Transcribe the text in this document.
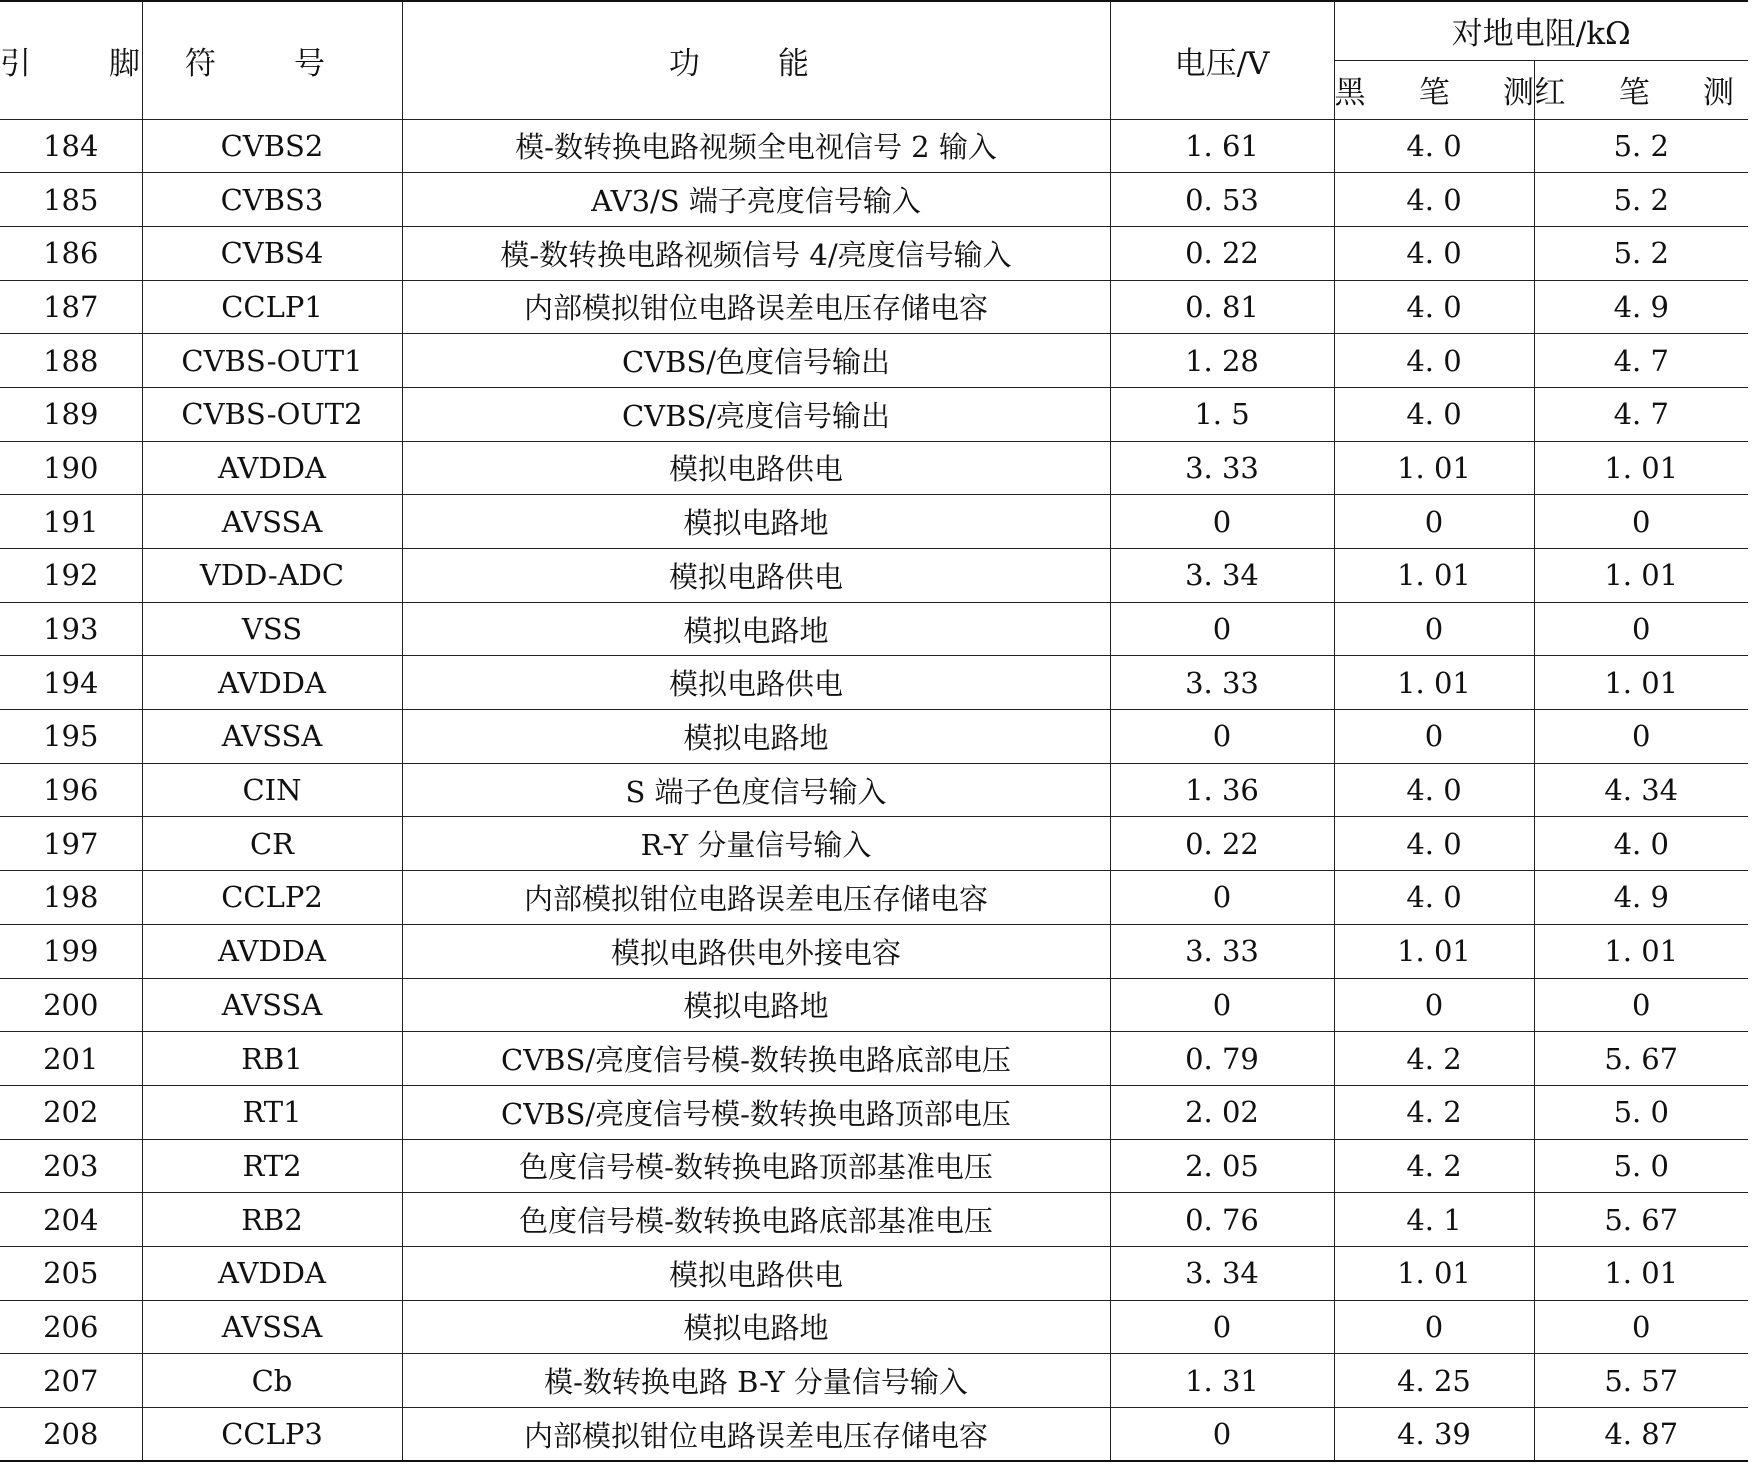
引 脚	符 号	功 能	电压/V	对地电阻/kΩ	
				黑 笔 测	红 笔 测
184	CVBS2	模-数转换电路视频全电视信号 2 输入	1. 61	4. 0	5. 2
185	CVBS3	AV3/S 端子亮度信号输入	0. 53	4. 0	5. 2
186	CVBS4	模-数转换电路视频信号 4/亮度信号输入	0. 22	4. 0	5. 2
187	CCLP1	内部模拟钳位电路误差电压存储电容	0. 81	4. 0	4. 9
188	CVBS-OUT1	CVBS/色度信号输出	1. 28	4. 0	4. 7
189	CVBS-OUT2	CVBS/亮度信号输出	1. 5	4. 0	4. 7
190	AVDDA	模拟电路供电	3. 33	1. 01	1. 01
191	AVSSA	模拟电路地	0	0	0
192	VDD-ADC	模拟电路供电	3. 34	1. 01	1. 01
193	VSS	模拟电路地	0	0	0
194	AVDDA	模拟电路供电	3. 33	1. 01	1. 01
195	AVSSA	模拟电路地	0	0	0
196	CIN	S 端子色度信号输入	1. 36	4. 0	4. 34
197	CR	R-Y 分量信号输入	0. 22	4. 0	4. 0
198	CCLP2	内部模拟钳位电路误差电压存储电容	0	4. 0	4. 9
199	AVDDA	模拟电路供电外接电容	3. 33	1. 01	1. 01
200	AVSSA	模拟电路地	0	0	0
201	RB1	CVBS/亮度信号模-数转换电路底部电压	0. 79	4. 2	5. 67
202	RT1	CVBS/亮度信号模-数转换电路顶部电压	2. 02	4. 2	5. 0
203	RT2	色度信号模-数转换电路顶部基准电压	2. 05	4. 2	5. 0
204	RB2	色度信号模-数转换电路底部基准电压	0. 76	4. 1	5. 67
205	AVDDA	模拟电路供电	3. 34	1. 01	1. 01
206	AVSSA	模拟电路地	0	0	0
207	Cb	模-数转换电路 B-Y 分量信号输入	1. 31	4. 25	5. 57
208	CCLP3	内部模拟钳位电路误差电压存储电容	0	4. 39	4. 87
